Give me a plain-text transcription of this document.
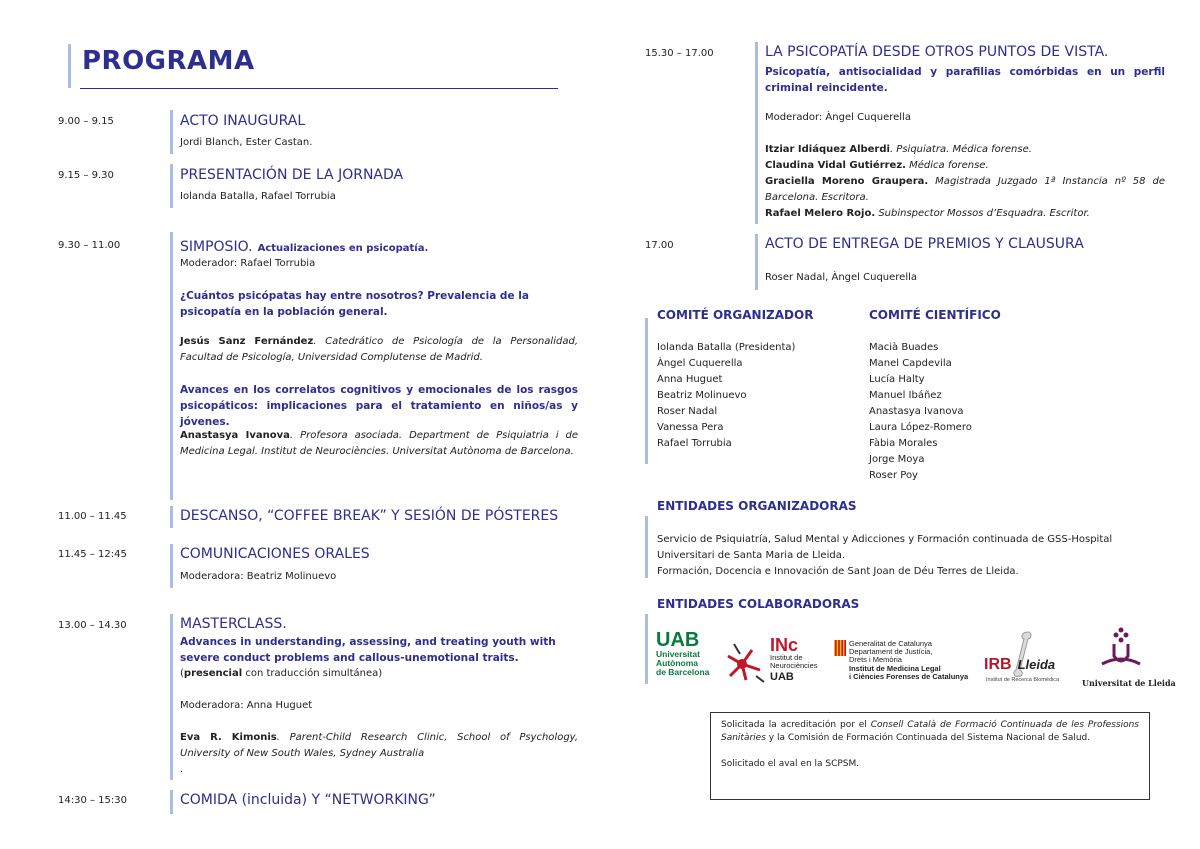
PROGRAMA
9.00 – 9.15	ACTO INAUGURAL
Jordi Blanch, Ester Castan.
9.15 – 9.30	PRESENTACIÓN DE LA JORNADA
Iolanda Batalla, Rafael Torrubia
9.30 – 11.00	SIMPOSIO. Actualizaciones en psicopatía.
Moderador: Rafael Torrubia
¿Cuántos psicópatas hay entre nosotros? Prevalencia de la psicopatía en la población general.
Jesús Sanz Fernández. Catedrático de Psicología de la Personalidad, Facultad de Psicología, Universidad Complutense de Madrid.
Avances en los correlatos cognitivos y emocionales de los rasgos psicopáticos: implicaciones para el tratamiento en niños/as y jóvenes.
Anastasya Ivanova. Profesora asociada. Department de Psiquiatria i de Medicina Legal. Institut de Neurociències. Universitat Autònoma de Barcelona.
11.00 – 11.45	DESCANSO, “COFFEE BREAK” Y SESIÓN DE PÓSTERES
11.45 – 12:45	COMUNICACIONES ORALES
Moderadora: Beatriz Molinuevo
13.00 – 14.30	MASTERCLASS.
Advances in understanding, assessing, and treating youth with severe conduct problems and callous-unemotional traits.
(presencial con traducción simultánea)
Moderadora: Anna Huguet
Eva R. Kimonis. Parent-Child Research Clinic, School of Psychology, University of New South Wales, Sydney Australia
.
14:30 – 15:30	COMIDA (incluida) Y “NETWORKING”
15.30 – 17.00	LA PSICOPATÍA DESDE OTROS PUNTOS DE VISTA.
Psicopatía, antisocialidad y parafilias comórbidas en un perfil criminal reincidente.
Moderador: Àngel Cuquerella
Itziar Idiáquez Alberdi. Psiquiatra. Médica forense.
Claudina Vidal Gutiérrez. Médica forense.
Graciella Moreno Graupera. Magistrada Juzgado 1ª Instancia nº 58 de Barcelona. Escritora.
Rafael Melero Rojo. Subinspector Mossos d’Esquadra. Escritor.
17.00	ACTO DE ENTREGA DE PREMIOS Y CLAUSURA
Roser Nadal, Àngel Cuquerella
COMITÉ ORGANIZADOR
Iolanda Batalla (Presidenta)
Àngel Cuquerella
Anna Huguet
Beatriz Molinuevo
Roser Nadal
Vanessa Pera
Rafael Torrubia
COMITÉ CIENTÍFICO
Macià Buades
Manel Capdevila
Lucía Halty
Manuel Ibáñez
Anastasya Ivanova
Laura López-Romero
Fàbia Morales
Jorge Moya
Roser Poy
ENTIDADES ORGANIZADORAS
Servicio de Psiquiatría, Salud Mental y Adicciones y Formación continuada de GSS-Hospital Universitari de Santa Maria de Lleida.
Formación, Docencia e Innovación de Sant Joan de Déu Terres de Lleida.
ENTIDADES COLABORADORAS
UAB
Universitat
Autònoma
de Barcelona
INc
Institut de
Neurociències
UAB
Generalitat de Catalunya
Departament de Justícia,
Drets i Memòria
Institut de Medicina Legal
i Ciències Forenses de Catalunya
IRB Lleida
Institut de Recerca Biomèdica	Universitat de Lleida
Solicitada la acreditación por el Consell Català de Formació Continuada de les Professions Sanitàries y la Comisión de Formación Continuada del Sistema Nacional de Salud.
Solicitado el aval en la SCPSM.
